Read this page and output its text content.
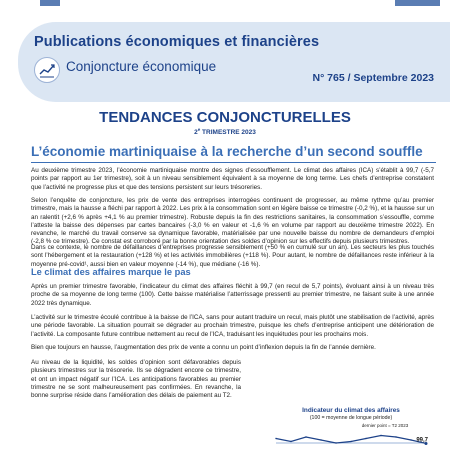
Publications économiques et financières
Conjoncture économique
N° 765 / Septembre 2023
TENDANCES CONJONCTURELLES
2e TRIMESTRE 2023
L’économie martiniquaise à la recherche d’un second souffle

Au deuxième trimestre 2023, l’économie martiniquaise montre des signes d’essoufflement. Le climat des affaires (ICA) s’établit à 99,7 (-5,7 points par rapport au 1er trimestre), soit à un niveau sensiblement équivalent à sa moyenne de long terme. Les chefs d’entreprise constatent que l’activité ne progresse plus et que des tensions persistent sur leurs trésoreries.

Selon l’enquête de conjoncture, les prix de vente des entreprises interrogées continuent de progresser, au même rythme qu’au premier trimestre, mais la hausse a fléchi par rapport à 2022. Les prix à la consommation sont en légère baisse ce trimestre (-0,2 %), et la hausse sur un an ralentit (+2,6 % après +4,1 % au premier trimestre). Robuste depuis la fin des restrictions sanitaires, la consommation s’essouffle, comme l’atteste la baisse des dépenses par cartes bancaires (-3,0 % en valeur et -1,6 % en volume par rapport au deuxième trimestre 2022). En revanche, le marché du travail conserve sa dynamique favorable, matérialisée par une nouvelle baisse du nombre de demandeurs d’emploi (-2,8 % ce trimestre). Ce constat est corroboré par la bonne orientation des soldes d’opinion sur les effectifs depuis plusieurs trimestres.

Dans ce contexte, le nombre de défaillances d’entreprises progresse sensiblement (+50 % en cumulé sur un an). Les secteurs les plus touchés sont l’hébergement et la restauration (+128 %) et les activités immobilières (+118 %). Pour autant, le nombre de défaillances reste inférieur à la moyenne pré-covid¹, aussi bien en valeur moyenne (-14 %), que médiane (-16 %).

Le climat des affaires marque le pas

Après un premier trimestre favorable, l’indicateur du climat des affaires fléchit à 99,7 (en recul de 5,7 points), évoluant ainsi à un niveau très proche de sa moyenne de long terme (100). Cette baisse matérialise l’atterrissage pressenti au premier trimestre, ne faisant suite à une année 2022 très dynamique.

L’activité sur le trimestre écoulé contribue à la baisse de l’ICA, sans pour autant traduire un recul, mais plutôt une stabilisation de l’activité, après une période favorable. La situation pourrait se dégrader au prochain trimestre, puisque les chefs d’entreprise anticipent une détérioration de l’activité. La composante future contribue nettement au recul de l’ICA, traduisant les inquiétudes pour les prochains mois.

Bien que toujours en hausse, l’augmentation des prix de vente a connu un point d’inflexion depuis la fin de l’année dernière.

Au niveau de la liquidité, les soldes d’opinion sont défavorables depuis plusieurs trimestres sur la trésorerie. Ils se dégradent encore ce trimestre, et ont un impact négatif sur l’ICA. Les anticipations favorables au premier trimestre ne se sont malheureusement pas confirmées. En revanche, la bonne surprise réside dans l’amélioration des délais de paiement au T2.

Indicateur du climat des affaires
(100 = moyenne de longue période)
dernier point = T2 2023
99,7
